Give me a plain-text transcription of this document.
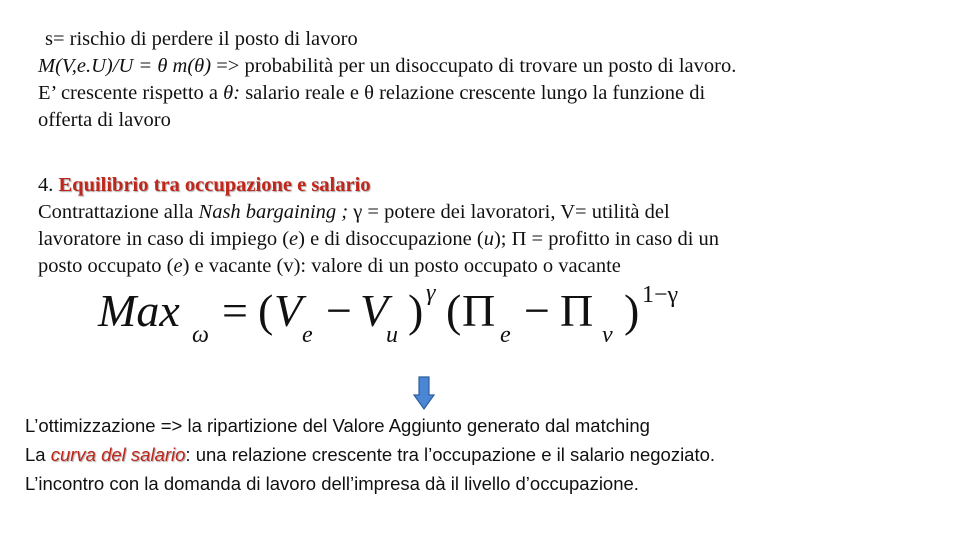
s= rischio di perdere il posto di lavoro
M(V,e.U)/U = θ m(θ) => probabilità per un disoccupato di trovare un posto di lavoro.
E’ crescente rispetto a θ: salario reale e θ relazione crescente lungo la funzione di
offerta di lavoro
4. Equilibrio tra occupazione e salario
Contrattazione alla Nash bargaining ; γ = potere dei lavoratori, V= utilità del
lavoratore in caso di impiego (e) e di disoccupazione (u); Π = profitto in caso di un
posto occupato (e) e vacante (v): valore di un posto occupato o vacante
Max ω = ( V e − V
u ) γ ( Π e − Π v ) 1−γ
L’ottimizzazione => la ripartizione del Valore Aggiunto generato dal matching
La curva del salario: una relazione crescente tra l’occupazione e il salario negoziato.
L’incontro con la domanda di lavoro dell’impresa dà il livello d’occupazione.
